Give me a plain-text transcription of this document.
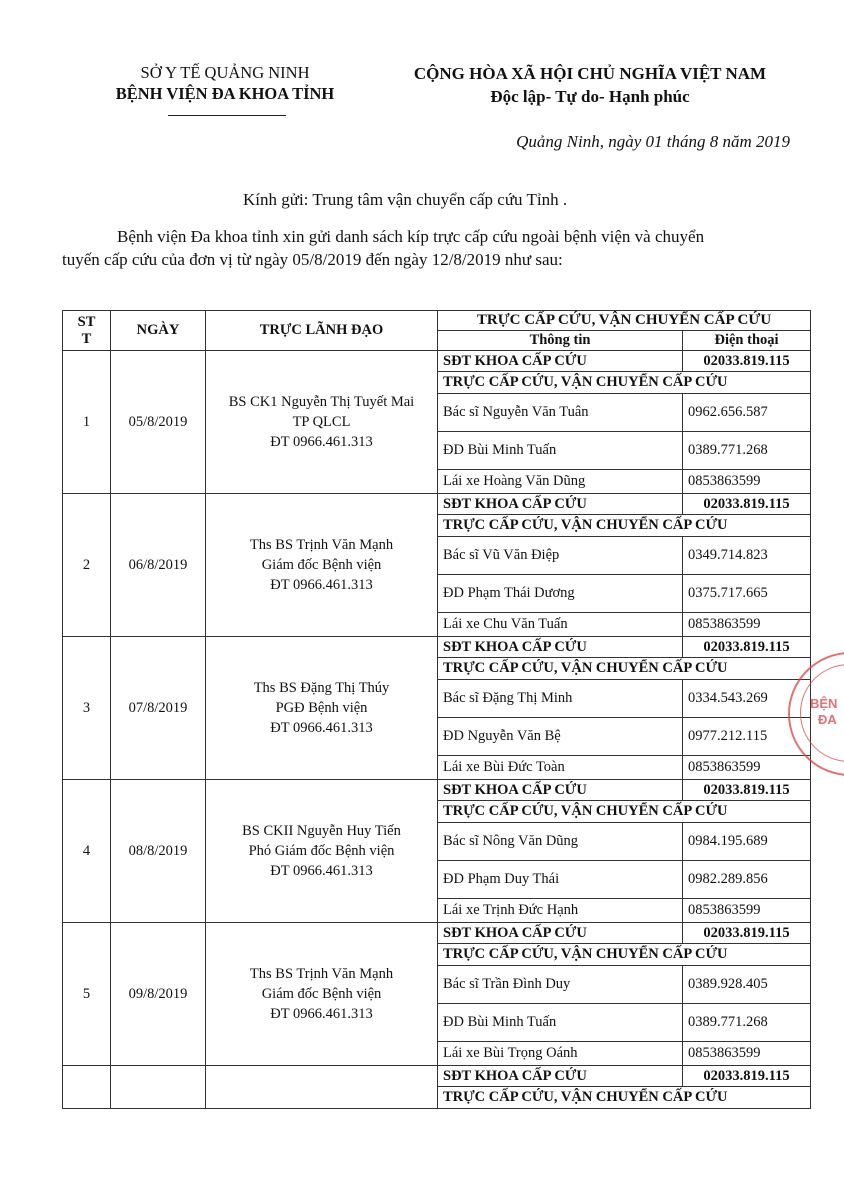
SỞ Y TẾ QUẢNG NINH
BỆNH VIỆN ĐA KHOA TỈNH
CỘNG HÒA XÃ HỘI CHỦ NGHĨA VIỆT NAM
Độc lập- Tự do- Hạnh phúc
Quảng Ninh, ngày 01 tháng 8 năm 2019
Kính gửi: Trung tâm vận chuyển cấp cứu Tỉnh .
Bệnh viện Đa khoa tỉnh xin gửi danh sách kíp trực cấp cứu ngoài bệnh viện và chuyển
tuyến cấp cứu của đơn vị từ ngày 05/8/2019 đến ngày 12/8/2019 như sau:
ST
T	NGÀY	TRỰC LÃNH ĐẠO	TRỰC CẤP CỨU, VẬN CHUYỂN CẤP CỨU	
			Thông tin	Điện thoại
1	05/8/2019	BS CK1 Nguyễn Thị Tuyết Mai
TP QLCL
ĐT 0966.461.313	SĐT KHOA CẤP CỨU	02033.819.115
			TRỰC CẤP CỨU, VẬN CHUYỂN CẤP CỨU	
			Bác sĩ Nguyễn Văn Tuân	0962.656.587
			ĐD Bùi Minh Tuấn	0389.771.268
			Lái xe Hoàng Văn Dũng	0853863599
2	06/8/2019	Ths BS Trịnh Văn Mạnh
Giám đốc Bệnh viện
ĐT 0966.461.313	SĐT KHOA CẤP CỨU	02033.819.115
			TRỰC CẤP CỨU, VẬN CHUYỂN CẤP CỨU	
			Bác sĩ Vũ Văn Điệp	0349.714.823
			ĐD Phạm Thái Dương	0375.717.665
			Lái xe Chu Văn Tuấn	0853863599
3	07/8/2019	Ths BS Đặng Thị Thúy
PGĐ Bệnh viện
ĐT 0966.461.313	SĐT KHOA CẤP CỨU	02033.819.115
			TRỰC CẤP CỨU, VẬN CHUYỂN CẤP CỨU	
			Bác sĩ Đặng Thị Minh	0334.543.269
			ĐD Nguyễn Văn Bệ	0977.212.115
			Lái xe Bùi Đức Toàn	0853863599
4	08/8/2019	BS CKII Nguyễn Huy Tiến
Phó Giám đốc Bệnh viện
ĐT 0966.461.313	SĐT KHOA CẤP CỨU	02033.819.115
			TRỰC CẤP CỨU, VẬN CHUYỂN CẤP CỨU	
			Bác sĩ Nông Văn Dũng	0984.195.689
			ĐD Phạm Duy Thái	0982.289.856
			Lái xe Trịnh Đức Hạnh	0853863599
5	09/8/2019	Ths BS Trịnh Văn Mạnh
Giám đốc Bệnh viện
ĐT 0966.461.313	SĐT KHOA CẤP CỨU	02033.819.115
			TRỰC CẤP CỨU, VẬN CHUYỂN CẤP CỨU	
			Bác sĩ Trần Đình Duy	0389.928.405
			ĐD Bùi Minh Tuấn	0389.771.268
			Lái xe Bùi Trọng Oánh	0853863599
			SĐT KHOA CẤP CỨU	02033.819.115
			TRỰC CẤP CỨU, VẬN CHUYỂN CẤP CỨU	
BỆN
ĐA
